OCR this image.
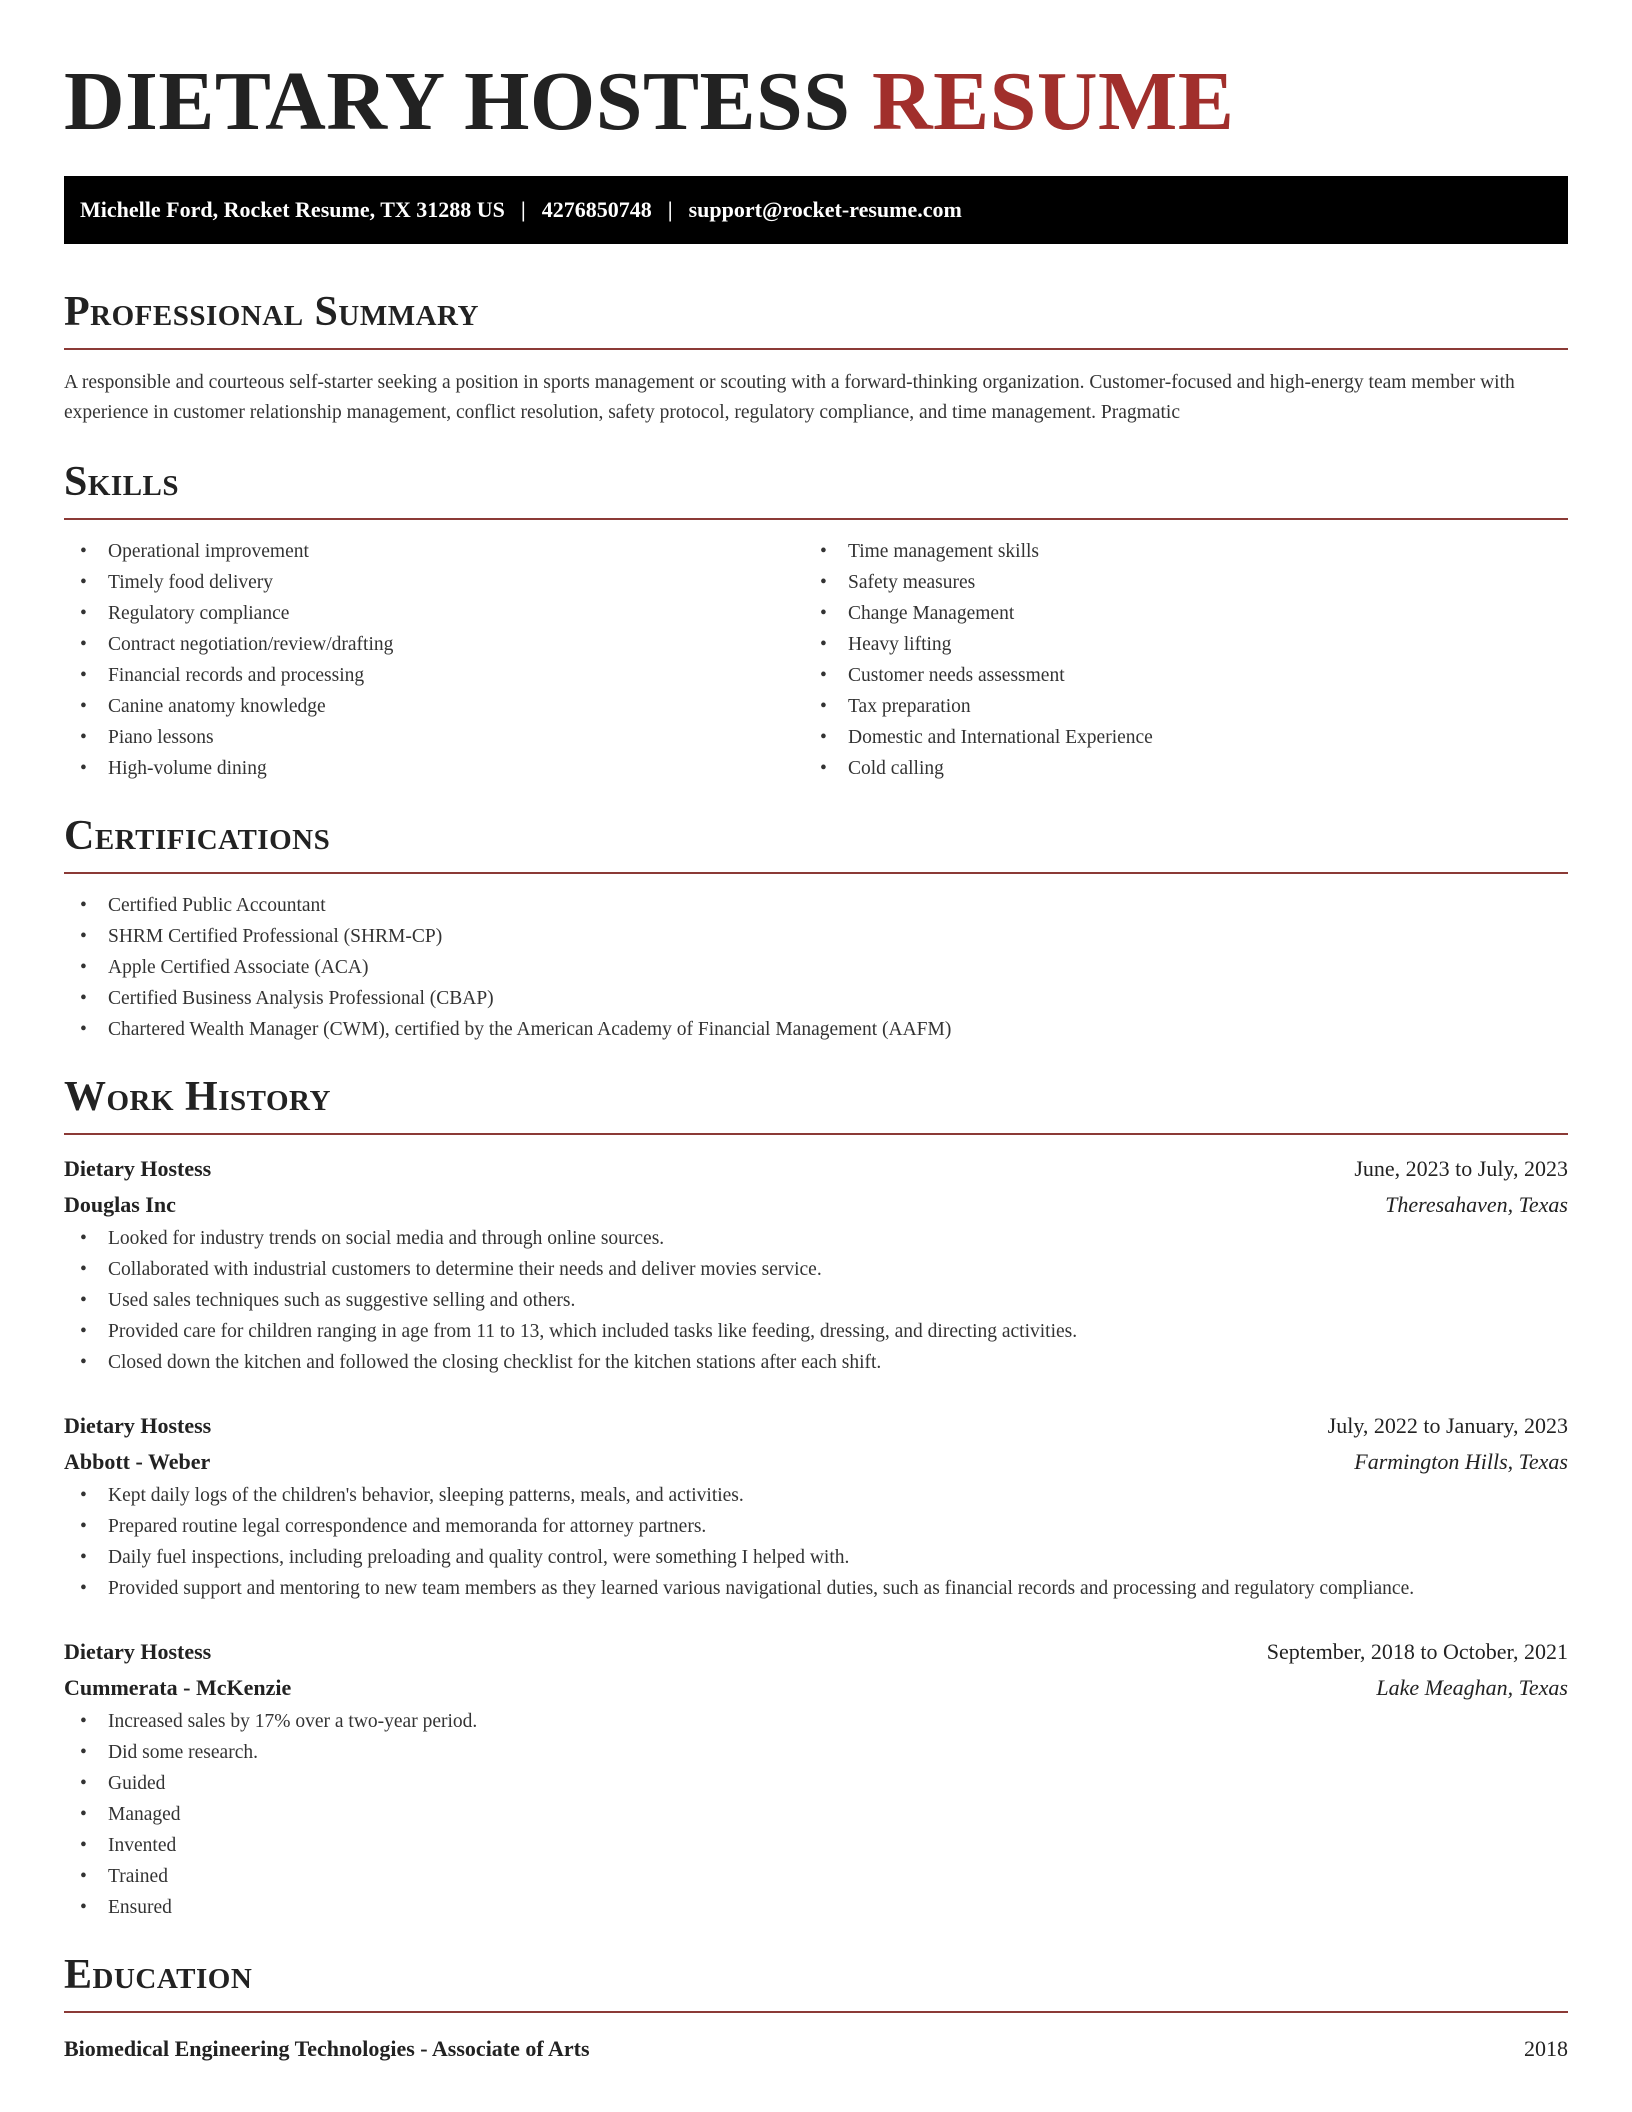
DIETARY HOSTESS RESUME
Michelle Ford, Rocket Resume, TX 31288 US | 4276850748 | support@rocket-resume.com
Professional Summary

A responsible and courteous self-starter seeking a position in sports management or scouting with a forward-thinking organization. Customer-focused and high-energy team member with experience in customer relationship management, conflict resolution, safety protocol, regulatory compliance, and time management. Pragmatic

Skills
• Operational improvement
• Timely food delivery
• Regulatory compliance
• Contract negotiation/review/drafting
• Financial records and processing
• Canine anatomy knowledge
• Piano lessons
• High-volume dining
• Time management skills
• Safety measures
• Change Management
• Heavy lifting
• Customer needs assessment
• Tax preparation
• Domestic and International Experience
• Cold calling
Certifications
• Certified Public Accountant
• SHRM Certified Professional (SHRM-CP)
• Apple Certified Associate (ACA)
• Certified Business Analysis Professional (CBAP)
• Chartered Wealth Manager (CWM), certified by the American Academy of Financial Management (AAFM)
Work History
Dietary Hostess	June, 2023 to July, 2023
Douglas Inc	Theresahaven, Texas
• Looked for industry trends on social media and through online sources.
• Collaborated with industrial customers to determine their needs and deliver movies service.
• Used sales techniques such as suggestive selling and others.
• Provided care for children ranging in age from 11 to 13, which included tasks like feeding, dressing, and directing activities.
• Closed down the kitchen and followed the closing checklist for the kitchen stations after each shift.
Dietary Hostess	July, 2022 to January, 2023
Abbott - Weber	Farmington Hills, Texas
• Kept daily logs of the children's behavior, sleeping patterns, meals, and activities.
• Prepared routine legal correspondence and memoranda for attorney partners.
• Daily fuel inspections, including preloading and quality control, were something I helped with.
• Provided support and mentoring to new team members as they learned various navigational duties, such as financial records and processing and regulatory compliance.
Dietary Hostess	September, 2018 to October, 2021
Cummerata - McKenzie	Lake Meaghan, Texas
• Increased sales by 17% over a two-year period.
• Did some research.
• Guided
• Managed
• Invented
• Trained
• Ensured
Education
Biomedical Engineering Technologies - Associate of Arts	2018
